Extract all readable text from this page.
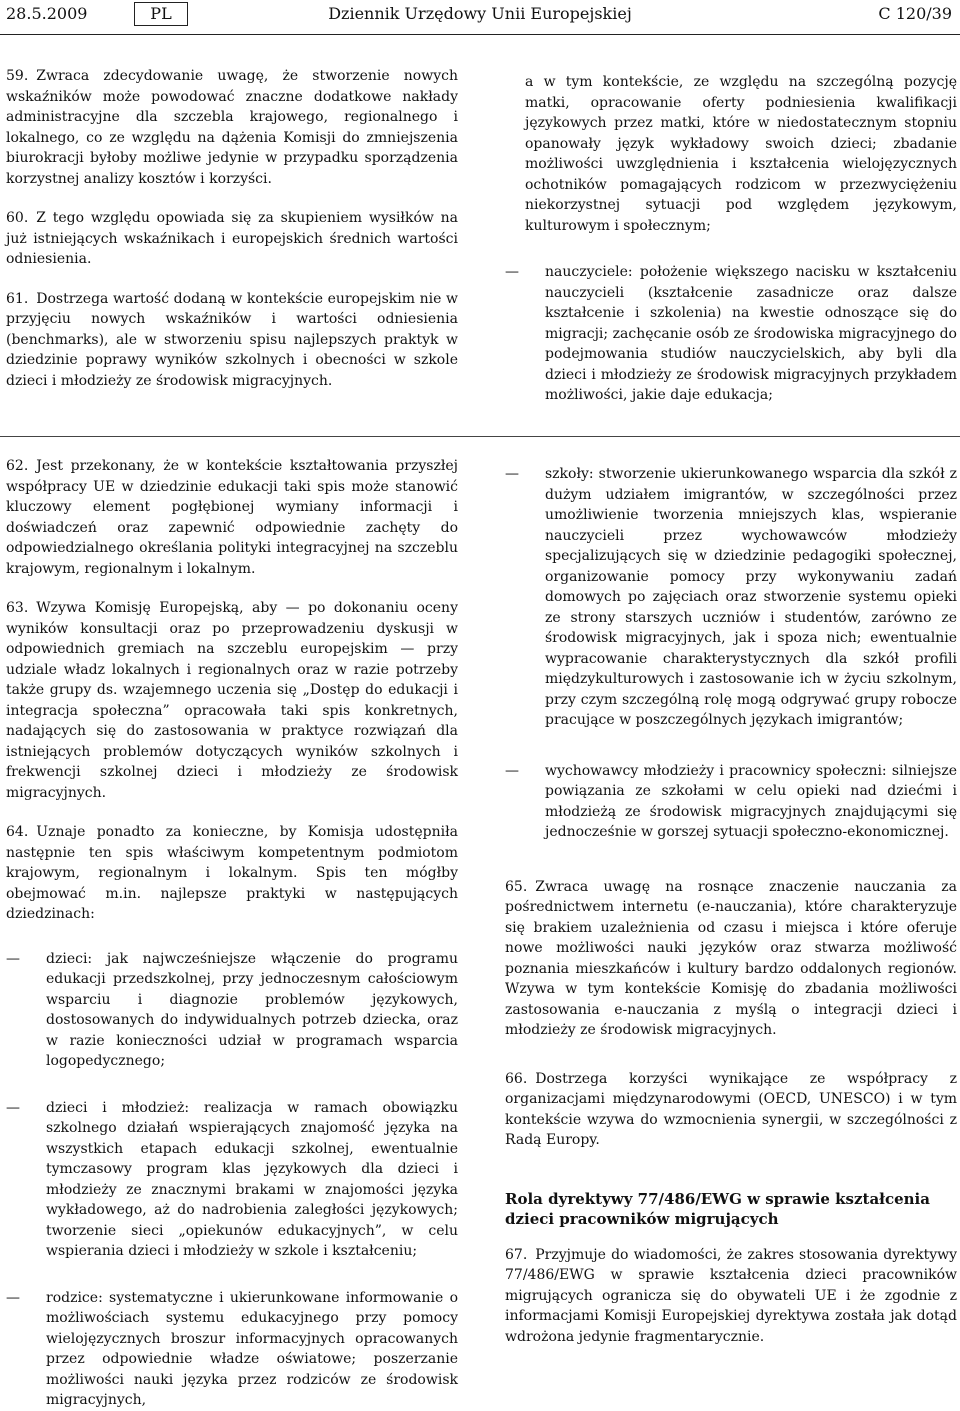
28.5.2009	PL	Dziennik Urzędowy Unii Europejskiej	C 120/39

59. Zwraca zdecydowanie uwagę, że stworzenie nowych wskaźników może powodować znaczne dodatkowe nakłady administracyjne dla szczebla krajowego, regionalnego i lokalnego, co ze względu na dążenia Komisji do zmniejszenia biurokracji byłoby możliwe jedynie w przypadku sporządzenia korzystnej analizy kosztów i korzyści.

60. Z tego względu opowiada się za skupieniem wysiłków na już istniejących wskaźnikach i europejskich średnich wartości odniesienia.

61. Dostrzega wartość dodaną w kontekście europejskim nie w przyjęciu nowych wskaźników i wartości odniesienia (benchmarks), ale w stworzeniu spisu najlepszych praktyk w dziedzinie poprawy wyników szkolnych i obecności w szkole dzieci i młodzieży ze środowisk migracyjnych.

a w tym kontekście, ze względu na szczególną pozycję matki, opracowanie oferty podniesienia kwalifikacji językowych przez matki, które w niedostatecznym stopniu opanowały język wykładowy swoich dzieci; zbadanie możliwości uwzględnienia i kształcenia wielojęzycznych ochotników pomagających rodzicom w przezwyciężeniu niekorzystnej sytuacji pod względem językowym, kulturowym i społecznym;

— nauczyciele: położenie większego nacisku w kształceniu nauczycieli (kształcenie zasadnicze oraz dalsze kształcenie i szkolenia) na kwestie odnoszące się do migracji; zachęcanie osób ze środowiska migracyjnego do podejmowania studiów nauczycielskich, aby byli dla dzieci i młodzieży ze środowisk migracyjnych przykładem możliwości, jakie daje edukacja;

62. Jest przekonany, że w kontekście kształtowania przyszłej współpracy UE w dziedzinie edukacji taki spis może stanowić kluczowy element pogłębionej wymiany informacji i doświadczeń oraz zapewnić odpowiednie zachęty do odpowiedzialnego określania polityki integracyjnej na szczeblu krajowym, regionalnym i lokalnym.

63. Wzywa Komisję Europejską, aby — po dokonaniu oceny wyników konsultacji oraz po przeprowadzeniu dyskusji w odpowiednich gremiach na szczeblu europejskim — przy udziale władz lokalnych i regionalnych oraz w razie potrzeby także grupy ds. wzajemnego uczenia się „Dostęp do edukacji i integracja społeczna” opracowała taki spis konkretnych, nadających się do zastosowania w praktyce rozwiązań dla istniejących problemów dotyczących wyników szkolnych i frekwencji szkolnej dzieci i młodzieży ze środowisk migracyjnych.

64. Uznaje ponadto za konieczne, by Komisja udostępniła następnie ten spis właściwym kompetentnym podmiotom krajowym, regionalnym i lokalnym. Spis ten mógłby obejmować m.in. najlepsze praktyki w następujących dziedzinach:

— dzieci: jak najwcześniejsze włączenie do programu edukacji przedszkolnej, przy jednoczesnym całościowym wsparciu i diagnozie problemów językowych, dostosowanych do indywidualnych potrzeb dziecka, oraz w razie konieczności udział w programach wsparcia logopedycznego;
— dzieci i młodzież: realizacja w ramach obowiązku szkolnego działań wspierających znajomość języka na wszystkich etapach edukacji szkolnej, ewentualnie tymczasowy program klas językowych dla dzieci i młodzieży ze znacznymi brakami w znajomości języka wykładowego, aż do nadrobienia zaległości językowych; tworzenie sieci „opiekunów edukacyjnych”, w celu wspierania dzieci i młodzieży w szkole i kształceniu;
— rodzice: systematyczne i ukierunkowane informowanie o możliwościach systemu edukacyjnego przy pomocy wielojęzycznych broszur informacyjnych opracowanych przez odpowiednie władze oświatowe; poszerzanie możliwości nauki języka przez rodziców ze środowisk migracyjnych,
— szkoły: stworzenie ukierunkowanego wsparcia dla szkół z dużym udziałem imigrantów, w szczególności przez umożliwienie tworzenia mniejszych klas, wspieranie nauczycieli przez wychowawców młodzieży specjalizujących się w dziedzinie pedagogiki społecznej, organizowanie pomocy przy wykonywaniu zadań domowych po zajęciach oraz stworzenie systemu opieki ze strony starszych uczniów i studentów, zarówno ze środowisk migracyjnych, jak i spoza nich; ewentualnie wypracowanie charakterystycznych dla szkół profili międzykulturowych i zastosowanie ich w życiu szkolnym, przy czym szczególną rolę mogą odgrywać grupy robocze pracujące w poszczególnych językach imigrantów;
— wychowawcy młodzieży i pracownicy społeczni: silniejsze powiązania ze szkołami w celu opieki nad dziećmi i młodzieżą ze środowisk migracyjnych znajdującymi się jednocześnie w gorszej sytuacji społeczno-ekonomicznej.

65. Zwraca uwagę na rosnące znaczenie nauczania za pośrednictwem internetu (e-nauczania), które charakteryzuje się brakiem uzależnienia od czasu i miejsca i które oferuje nowe możliwości nauki języków oraz stwarza możliwość poznania mieszkańców i kultury bardzo oddalonych regionów. Wzywa w tym kontekście Komisję do zbadania możliwości zastosowania e-nauczania z myślą o integracji dzieci i młodzieży ze środowisk migracyjnych.

66. Dostrzega korzyści wynikające ze współpracy z organizacjami międzynarodowymi (OECD, UNESCO) i w tym kontekście wzywa do wzmocnienia synergii, w szczególności z Radą Europy.

Rola dyrektywy 77/486/EWG w sprawie kształcenia dzieci pracowników migrujących

67. Przyjmuje do wiadomości, że zakres stosowania dyrektywy 77/486/EWG w sprawie kształcenia dzieci pracowników migrujących ogranicza się do obywateli UE i że zgodnie z informacjami Komisji Europejskiej dyrektywa została jak dotąd wdrożona jedynie fragmentarycznie.
